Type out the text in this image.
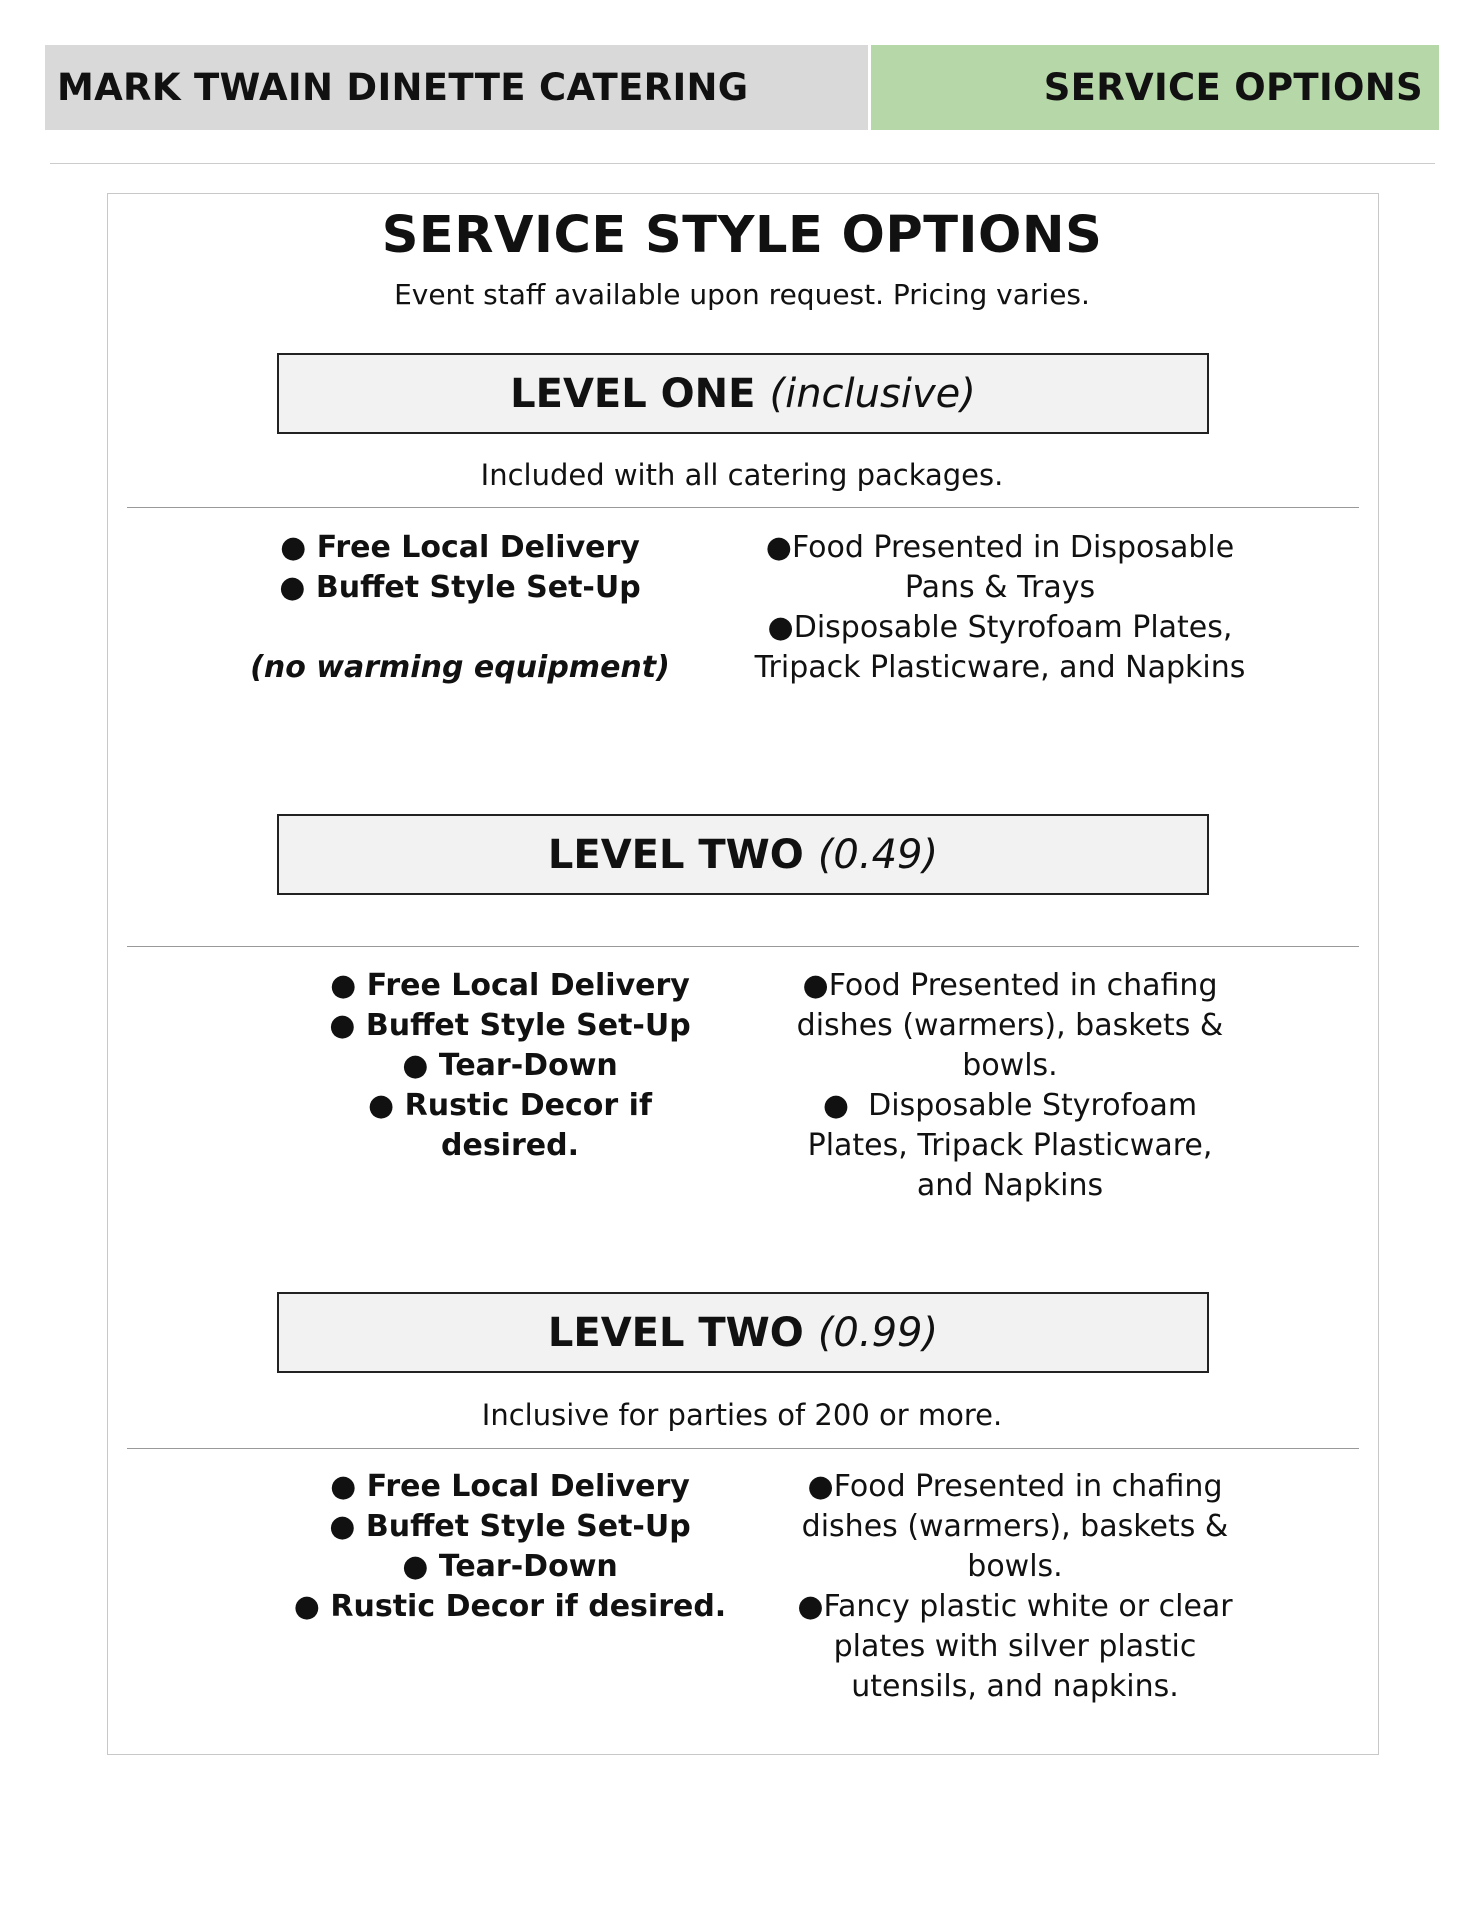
MARK TWAIN DINETTE CATERING	SERVICE OPTIONS
SERVICE STYLE OPTIONS
Event staff available upon request. Pricing varies.
LEVEL ONE (inclusive)
Included with all catering packages.
● Free Local Delivery
● Buffet Style Set-Up
(no warming equipment)
●Food Presented in Disposable Pans & Trays
●Disposable Styrofoam Plates, Tripack Plasticware, and Napkins
LEVEL TWO (0.49)
● Free Local Delivery
● Buffet Style Set-Up
● Tear-Down
● Rustic Decor if desired.
●Food Presented in chafing dishes (warmers), baskets & bowls.
●  Disposable Styrofoam Plates, Tripack Plasticware, and Napkins
LEVEL TWO (0.99)
Inclusive for parties of 200 or more.
● Free Local Delivery
● Buffet Style Set-Up
● Tear-Down
● Rustic Decor if desired.
●Food Presented in chafing dishes (warmers), baskets & bowls.
●Fancy plastic white or clear plates with silver plastic utensils, and napkins.
